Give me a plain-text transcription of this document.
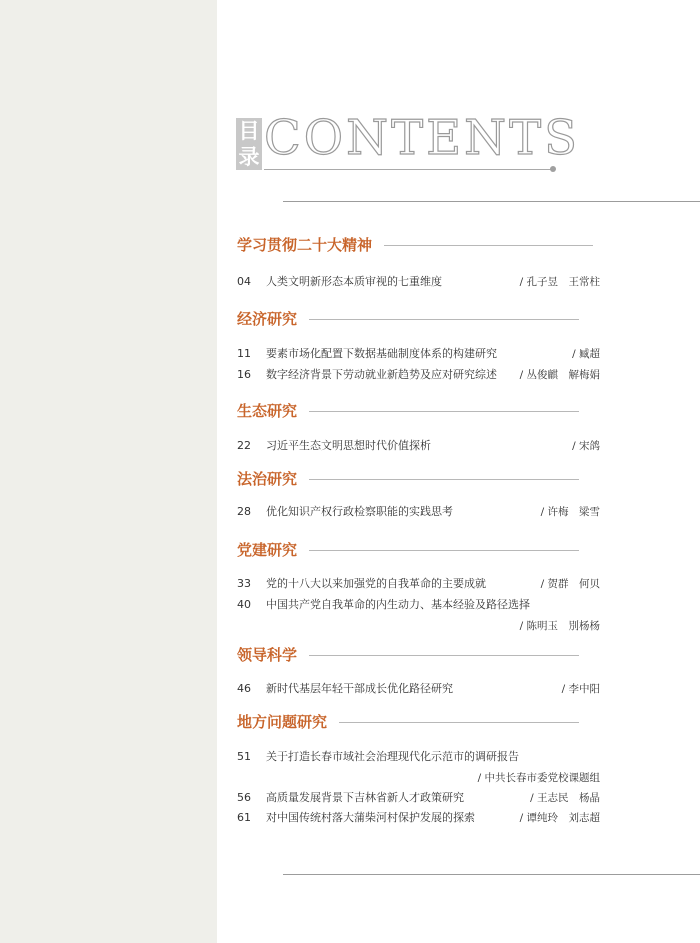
目
录 CONTENTS
学习贯彻二十大精神
04	人类文明新形态本质审视的七重维度	/ 孔子昱　王常柱
经济研究
11	要素市场化配置下数据基础制度体系的构建研究	/ 臧超
16	数字经济背景下劳动就业新趋势及应对研究综述 / 丛俊麒　解梅娟
生态研究
22	习近平生态文明思想时代价值探析	/ 宋鸽
法治研究
28	优化知识产权行政检察职能的实践思考	/ 许梅　梁雪
党建研究
33	党的十八大以来加强党的自我革命的主要成就	/ 贺群　何贝
40	中国共产党自我革命的内生动力、基本经验及路径选择
/ 陈明玉　別杨杨
领导科学
46	新时代基层年轻干部成长优化路径研究	/ 李中阳
地方问题研究
51	关于打造长春市域社会治理现代化示范市的调研报告
/ 中共长春市委党校课题组
56	高质量发展背景下吉林省新人才政策研究	/ 王志民　杨晶
61	对中国传统村落大蒲柴河村保护发展的探索	/ 谭纯玲　刘志超
